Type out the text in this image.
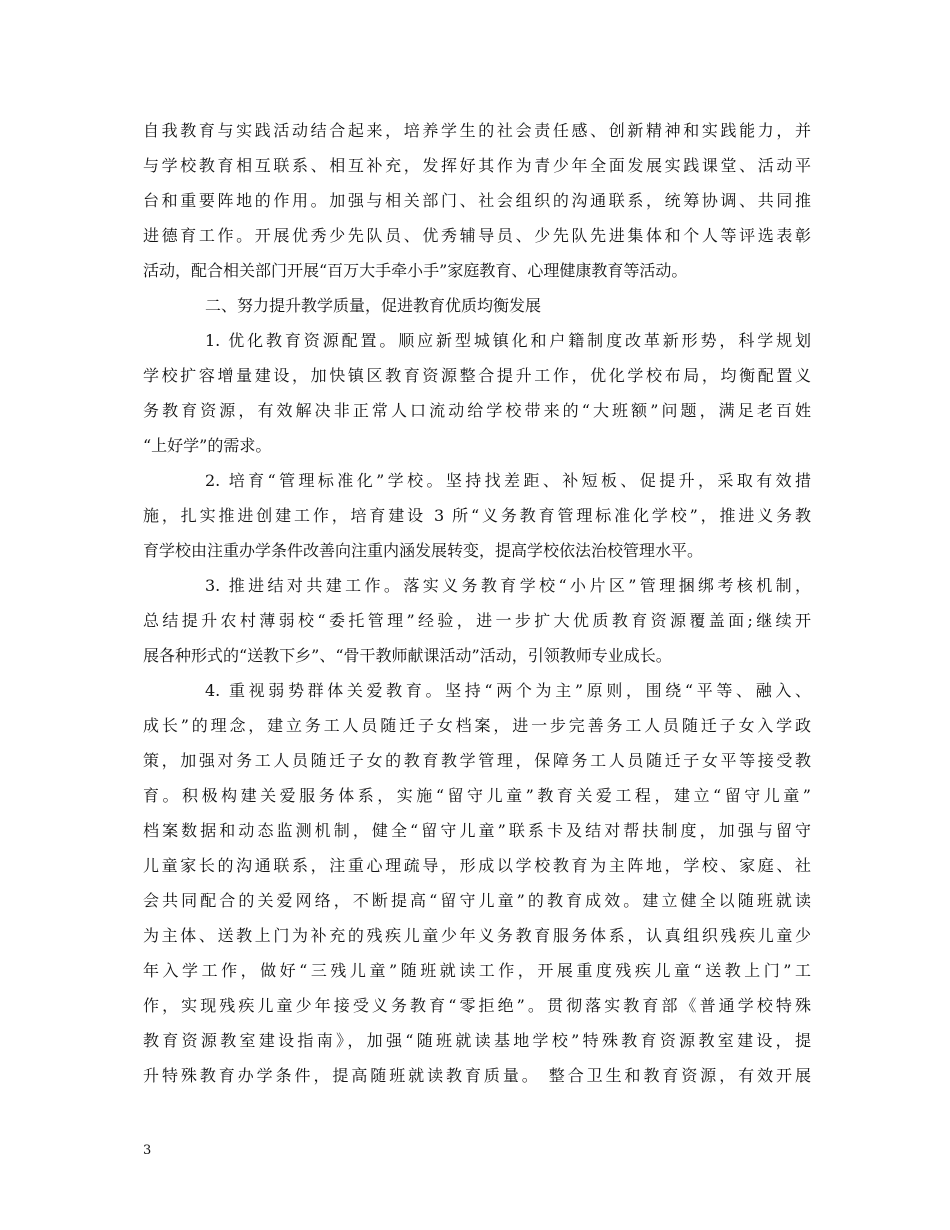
自我教育与实践活动结合起来，培养学生的社会责任感、创新精神和实践能力，并
与学校教育相互联系、相互补充，发挥好其作为青少年全面发展实践课堂、活动平
台和重要阵地的作用。加强与相关部门、社会组织的沟通联系，统筹协调、共同推
进德育工作。开展优秀少先队员、优秀辅导员、少先队先进集体和个人等评选表彰
活动，配合相关部门开展“百万大手牵小手”家庭教育、心理健康教育等活动。
二、努力提升教学质量，促进教育优质均衡发展
1. 优化教育资源配置。顺应新型城镇化和户籍制度改革新形势，科学规划
学校扩容增量建设，加快镇区教育资源整合提升工作，优化学校布局，均衡配置义
务教育资源，有效解决非正常人口流动给学校带来的“大班额”问题，满足老百姓
“上好学”的需求。
2. 培育“管理标准化”学校。坚持找差距、补短板、促提升，采取有效措
施，扎实推进创建工作，培育建设 3 所“义务教育管理标准化学校”，推进义务教
育学校由注重办学条件改善向注重内涵发展转变，提高学校依法治校管理水平。
3. 推进结对共建工作。落实义务教育学校“小片区”管理捆绑考核机制，
总结提升农村薄弱校“委托管理”经验，进一步扩大优质教育资源覆盖面;继续开
展各种形式的“送教下乡”、“骨干教师献课活动”活动，引领教师专业成长。
4. 重视弱势群体关爱教育。坚持“两个为主”原则，围绕“平等、融入、
成长”的理念，建立务工人员随迁子女档案，进一步完善务工人员随迁子女入学政
策，加强对务工人员随迁子女的教育教学管理，保障务工人员随迁子女平等接受教
育。积极构建关爱服务体系，实施“留守儿童”教育关爱工程，建立“留守儿童”
档案数据和动态监测机制，健全“留守儿童”联系卡及结对帮扶制度，加强与留守
儿童家长的沟通联系，注重心理疏导，形成以学校教育为主阵地，学校、家庭、社
会共同配合的关爱网络，不断提高“留守儿童”的教育成效。建立健全以随班就读
为主体、送教上门为补充的残疾儿童少年义务教育服务体系，认真组织残疾儿童少
年入学工作，做好“三残儿童”随班就读工作，开展重度残疾儿童“送教上门”工
作，实现残疾儿童少年接受义务教育“零拒绝”。贯彻落实教育部《普通学校特殊
教育资源教室建设指南》，加强“随班就读基地学校”特殊教育资源教室建设，提
升特殊教育办学条件，提高随班就读教育质量。 整合卫生和教育资源，有效开展
3
